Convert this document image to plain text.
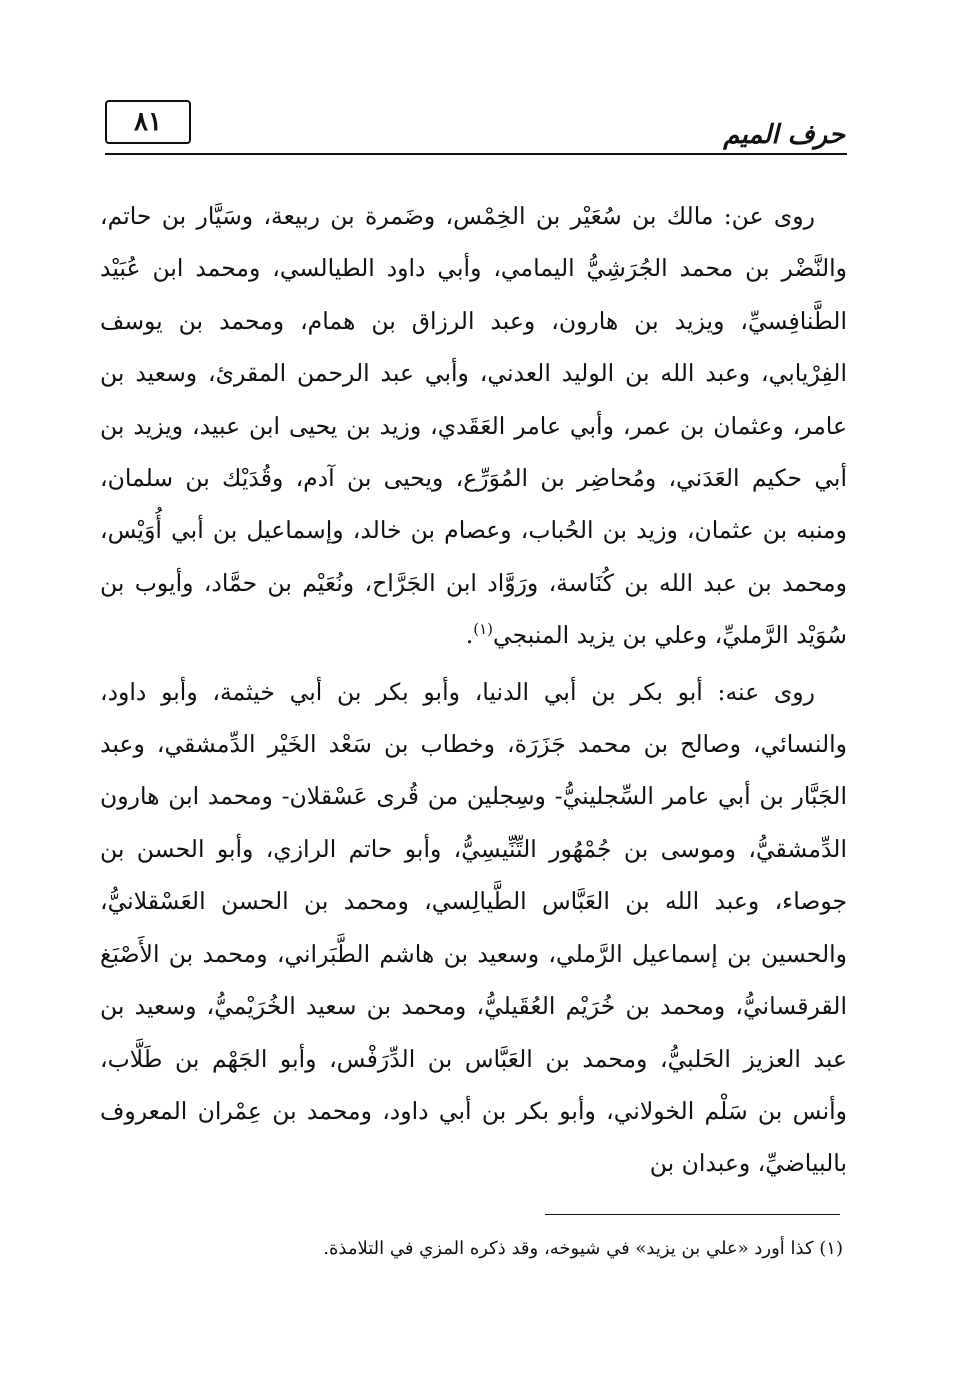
٨١	حرف الميم

روى عن: مالك بن سُعَيْر بن الخِمْس، وضَمرة بن ربيعة، وسَيَّار بن حاتم، والنَّضْر بن محمد الجُرَشِيُّ اليمامي، وأبي داود الطيالسي، ومحمد ابن عُبَيْد الطَّنافِسيِّ، ويزيد بن هارون، وعبد الرزاق بن همام، ومحمد بن يوسف الفِرْيابي، وعبد الله بن الوليد العدني، وأبي عبد الرحمن المقرئ، وسعيد بن عامر، وعثمان بن عمر، وأبي عامر العَقَدي، وزيد بن يحيى ابن عبيد، ويزيد بن أبي حكيم العَدَني، ومُحاضِر بن المُوَرِّع، ويحيى بن آدم، وقُدَيْك بن سلمان، ومنبه بن عثمان، وزيد بن الحُباب، وعصام بن خالد، وإسماعيل بن أبي أُوَيْس، ومحمد بن عبد الله بن كُنَاسة، ورَوَّاد ابن الجَرَّاح، ونُعَيْم بن حمَّاد، وأيوب بن سُوَيْد الرَّمليِّ، وعلي بن يزيد المنبجي$^{(١)}$.

روى عنه: أبو بكر بن أبي الدنيا، وأبو بكر بن أبي خيثمة، وأبو داود، والنسائي، وصالح بن محمد جَزَرَة، وخطاب بن سَعْد الخَيْر الدِّمشقي، وعبد الجَبَّار بن أبي عامر السِّجلينيُّ- وسِجلين من قُرى عَسْقلان- ومحمد ابن هارون الدِّمشقيُّ، وموسى بن جُمْهُور التِّنِّيسِيُّ، وأبو حاتم الرازي، وأبو الحسن بن جوصاء، وعبد الله بن العَبَّاس الطَّيالِسي، ومحمد بن الحسن العَسْقلانيُّ، والحسين بن إسماعيل الرَّملي، وسعيد بن هاشم الطَّبَراني، ومحمد بن الأَصْبَغ القرقسانيُّ، ومحمد بن خُرَيْم العُقَيليُّ، ومحمد بن سعيد الخُرَيْميُّ، وسعيد بن عبد العزيز الحَلبيُّ، ومحمد بن العَبَّاس بن الدِّرَفْس، وأبو الجَهْم بن طَلَّاب، وأنس بن سَلْم الخولاني، وأبو بكر بن أبي داود، ومحمد بن عِمْران المعروف بالبياضيِّ، وعبدان بن

(١) كذا أورد «علي بن يزيد» في شيوخه، وقد ذكره المزي في التلامذة.
